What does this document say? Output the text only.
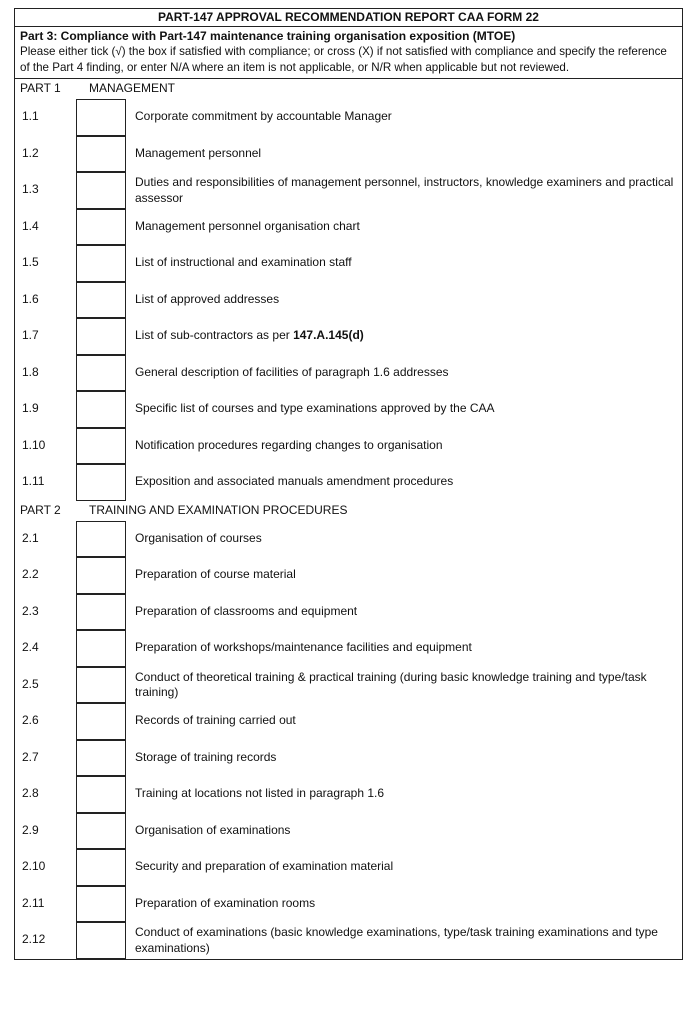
PART-147 APPROVAL RECOMMENDATION REPORT CAA FORM 22
Part 3: Compliance with Part-147 maintenance training organisation exposition (MTOE)
Please either tick (√) the box if satisfied with compliance; or cross (X) if not satisfied with compliance and specify the reference of the Part 4 finding, or enter N/A where an item is not applicable, or N/R when applicable but not reviewed.
PART 1 MANAGEMENT
1.1	Corporate commitment by accountable Manager
1.2	Management personnel
1.3	Duties and responsibilities of management personnel, instructors, knowledge examiners and practical assessor
1.4	Management personnel organisation chart
1.5	List of instructional and examination staff
1.6	List of approved addresses
1.7	List of sub-contractors as per 147.A.145(d)
1.8	General description of facilities of paragraph 1.6 addresses
1.9	Specific list of courses and type examinations approved by the CAA
1.10	Notification procedures regarding changes to organisation
1.11	Exposition and associated manuals amendment procedures
PART 2 TRAINING AND EXAMINATION PROCEDURES
2.1	Organisation of courses
2.2	Preparation of course material
2.3	Preparation of classrooms and equipment
2.4	Preparation of workshops/maintenance facilities and equipment
2.5	Conduct of theoretical training & practical training (during basic knowledge training and type/task training)
2.6	Records of training carried out
2.7	Storage of training records
2.8	Training at locations not listed in paragraph 1.6
2.9	Organisation of examinations
2.10	Security and preparation of examination material
2.11	Preparation of examination rooms
2.12	Conduct of examinations (basic knowledge examinations, type/task training examinations and type examinations)
